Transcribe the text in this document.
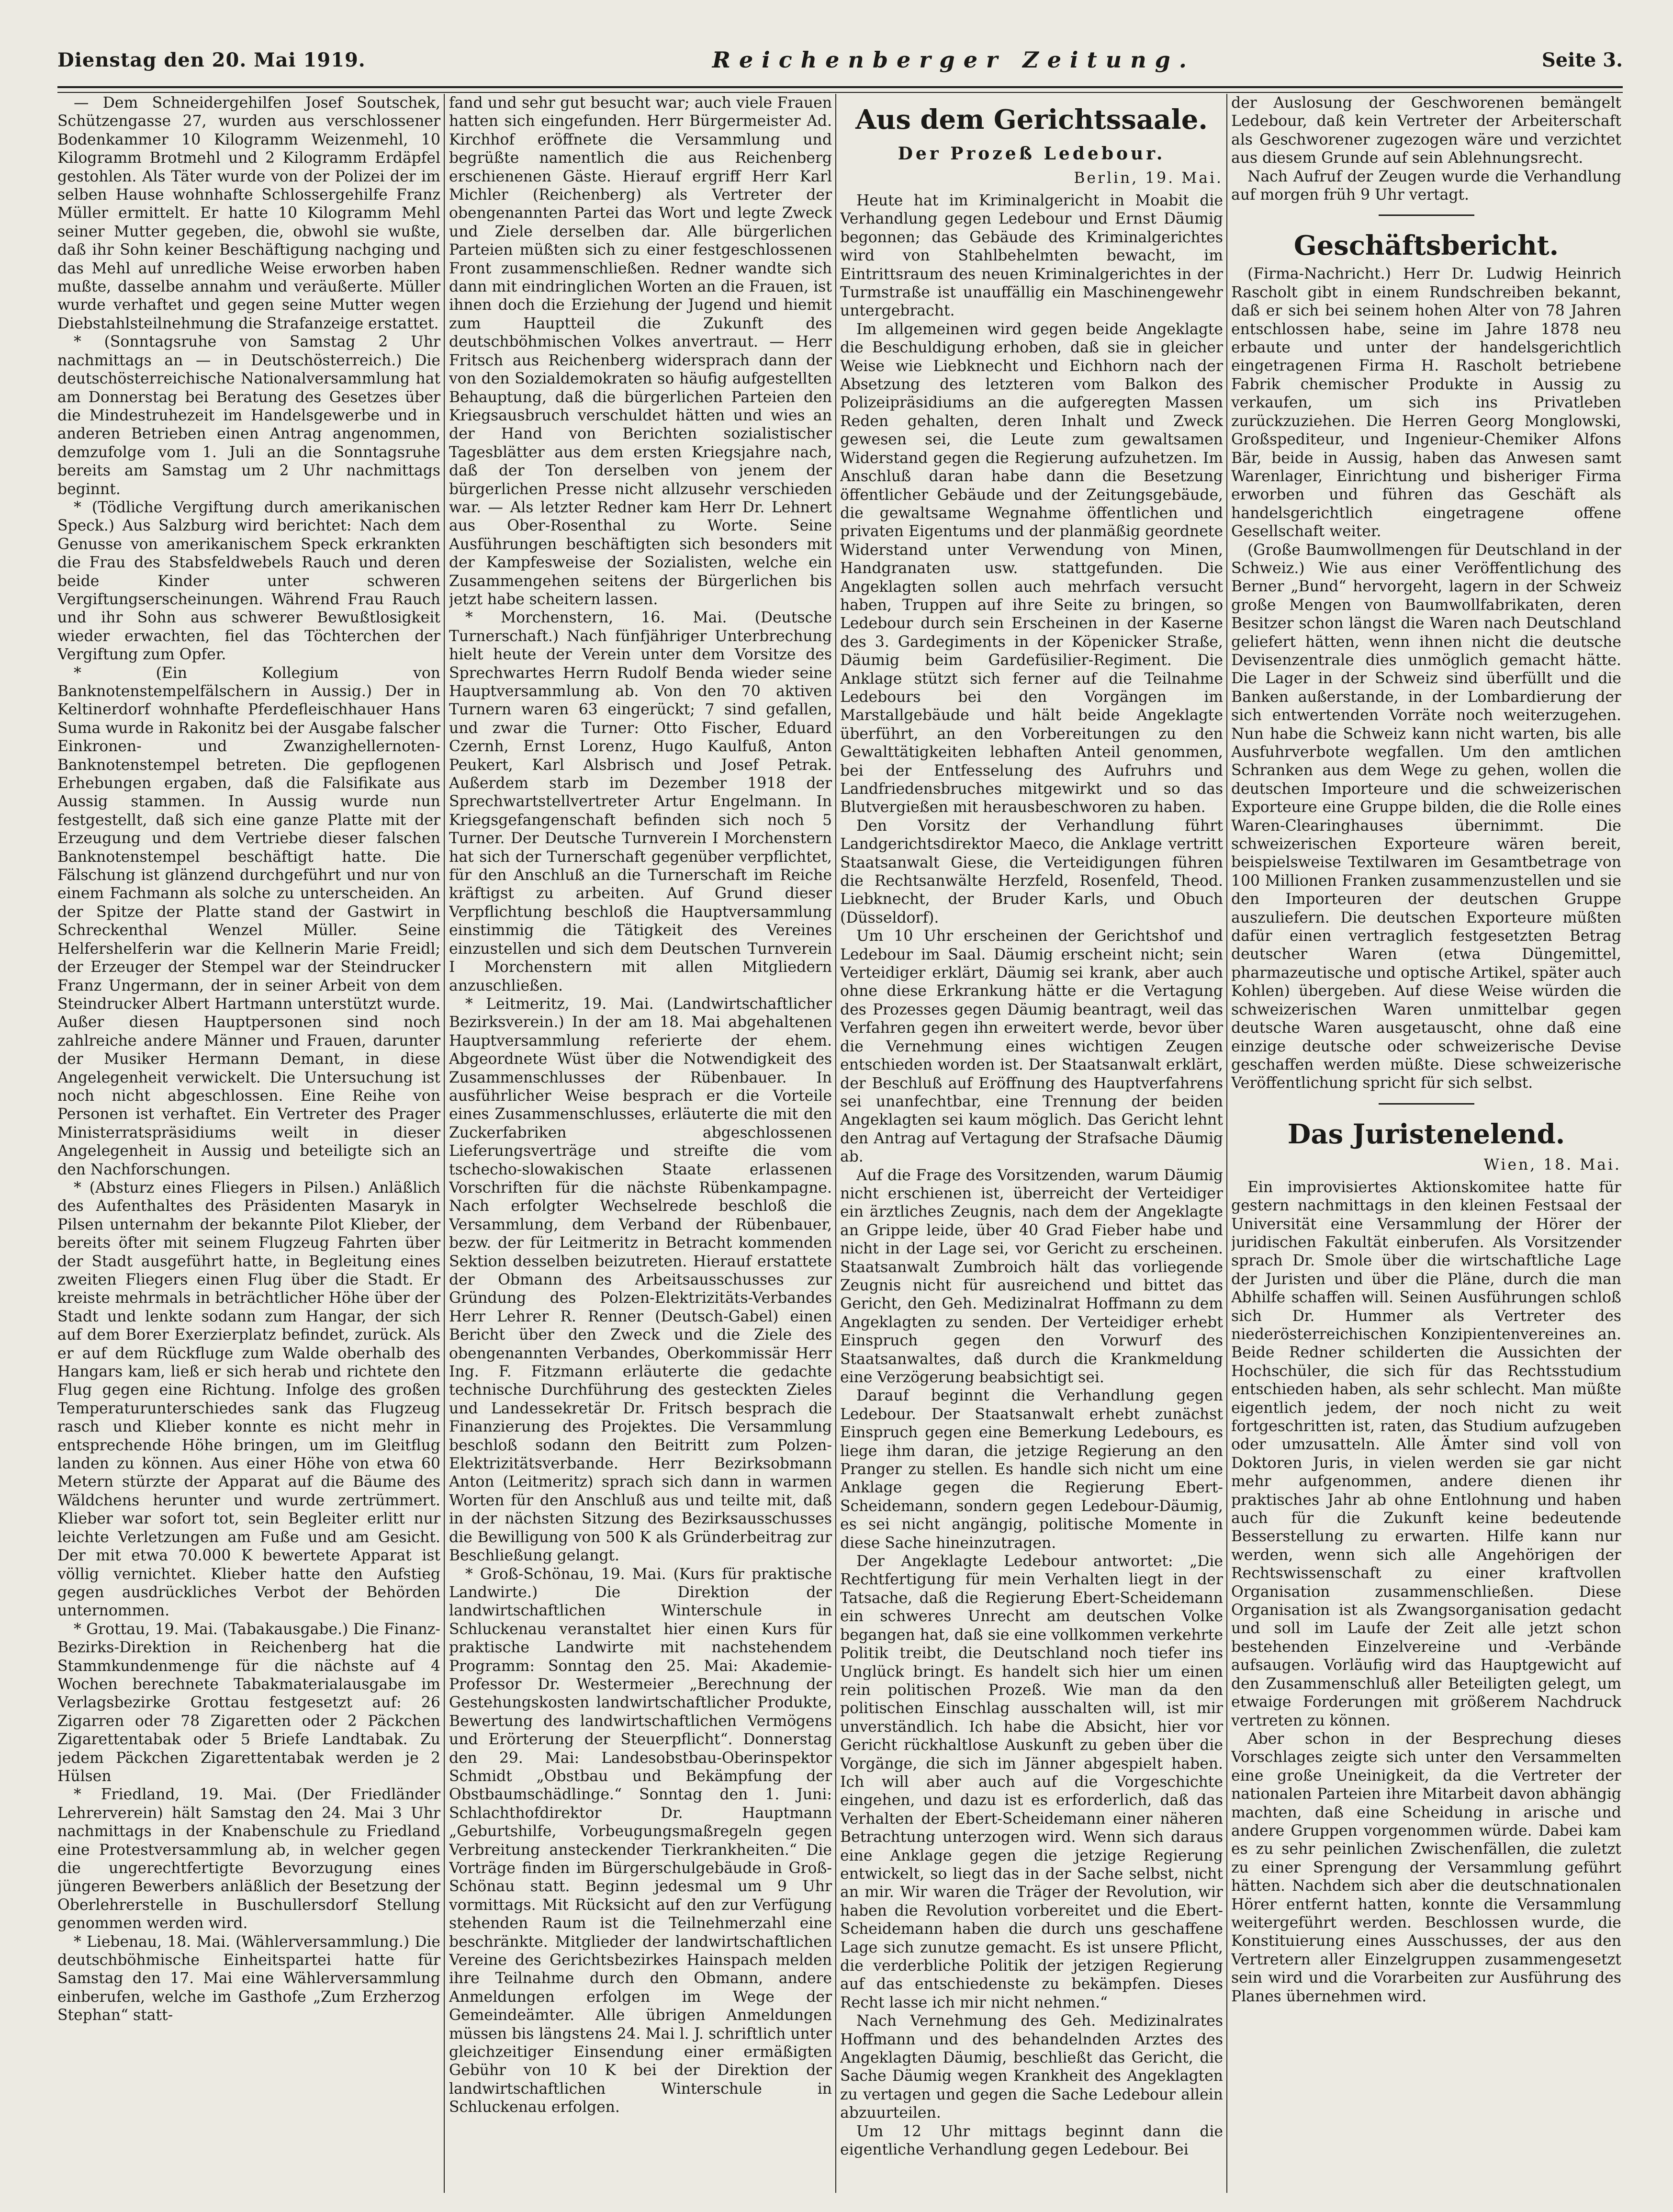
Dienstag den 20. Mai 1919.	Reichenberger Zeitung.	Seite 3.

— Dem Schneidergehilfen Josef Soutschek, Schützengasse 27, wurden aus verschlossener Bodenkammer 10 Kilogramm Weizenmehl, 10 Kilogramm Brotmehl und 2 Kilogramm Erdäpfel gestohlen. Als Täter wurde von der Polizei der im selben Hause wohnhafte Schlossergehilfe Franz Müller ermittelt. Er hatte 10 Kilogramm Mehl seiner Mutter gegeben, die, obwohl sie wußte, daß ihr Sohn keiner Beschäftigung nachging und das Mehl auf unredliche Weise erworben haben mußte, dasselbe annahm und veräußerte. Müller wurde verhaftet und gegen seine Mutter wegen Diebstahlsteilnehmung die Strafanzeige erstattet.

* (Sonntagsruhe von Samstag 2 Uhr nachmittags an — in Deutschösterreich.) Die deutschösterreichische Nationalversammlung hat am Donnerstag bei Beratung des Gesetzes über die Mindestruhezeit im Handelsgewerbe und in anderen Betrieben einen Antrag angenommen, demzufolge vom 1. Juli an die Sonntagsruhe bereits am Samstag um 2 Uhr nachmittags beginnt.

* (Tödliche Vergiftung durch amerikanischen Speck.) Aus Salzburg wird berichtet: Nach dem Genusse von amerikanischem Speck erkrankten die Frau des Stabsfeldwebels Rauch und deren beide Kinder unter schweren Vergiftungserscheinungen. Während Frau Rauch und ihr Sohn aus schwerer Bewußtlosigkeit wieder erwachten, fiel das Töchterchen der Vergiftung zum Opfer.

* (Ein Kollegium von Banknotenstempelfälschern in Aussig.) Der in Keltinerdorf wohnhafte Pferdefleischhauer Hans Suma wurde in Rakonitz bei der Ausgabe falscher Einkronen- und Zwanzighellernoten-Banknotenstempel betreten. Die gepflogenen Erhebungen ergaben, daß die Falsifikate aus Aussig stammen. In Aussig wurde nun festgestellt, daß sich eine ganze Platte mit der Erzeugung und dem Vertriebe dieser falschen Banknotenstempel beschäftigt hatte. Die Fälschung ist glänzend durchgeführt und nur von einem Fachmann als solche zu unterscheiden. An der Spitze der Platte stand der Gastwirt in Schreckenthal Wenzel Müller. Seine Helfershelferin war die Kellnerin Marie Freidl; der Erzeuger der Stempel war der Steindrucker Franz Ungermann, der in seiner Arbeit von dem Steindrucker Albert Hartmann unterstützt wurde. Außer diesen Hauptpersonen sind noch zahlreiche andere Männer und Frauen, darunter der Musiker Hermann Demant, in diese Angelegenheit verwickelt. Die Untersuchung ist noch nicht abgeschlossen. Eine Reihe von Personen ist verhaftet. Ein Vertreter des Prager Ministerratspräsidiums weilt in dieser Angelegenheit in Aussig und beteiligte sich an den Nachforschungen.

* (Absturz eines Fliegers in Pilsen.) Anläßlich des Aufenthaltes des Präsidenten Masaryk in Pilsen unternahm der bekannte Pilot Klieber, der bereits öfter mit seinem Flugzeug Fahrten über der Stadt ausgeführt hatte, in Begleitung eines zweiten Fliegers einen Flug über die Stadt. Er kreiste mehrmals in beträchtlicher Höhe über der Stadt und lenkte sodann zum Hangar, der sich auf dem Borer Exerzierplatz befindet, zurück. Als er auf dem Rückfluge zum Walde oberhalb des Hangars kam, ließ er sich herab und richtete den Flug gegen eine Richtung. Infolge des großen Temperaturunterschiedes sank das Flugzeug rasch und Klieber konnte es nicht mehr in entsprechende Höhe bringen, um im Gleitflug landen zu können. Aus einer Höhe von etwa 60 Metern stürzte der Apparat auf die Bäume des Wäldchens herunter und wurde zertrümmert. Klieber war sofort tot, sein Begleiter erlitt nur leichte Verletzungen am Fuße und am Gesicht. Der mit etwa 70.000 K bewertete Apparat ist völlig vernichtet. Klieber hatte den Aufstieg gegen ausdrückliches Verbot der Behörden unternommen.

* Grottau, 19. Mai. (Tabakausgabe.) Die Finanz-Bezirks-Direktion in Reichenberg hat die Stammkundenmenge für die nächste auf 4 Wochen berechnete Tabakmaterialausgabe im Verlagsbezirke Grottau festgesetzt auf: 26 Zigarren oder 78 Zigaretten oder 2 Päckchen Zigarettentabak oder 5 Briefe Landtabak. Zu jedem Päckchen Zigarettentabak werden je 2 Hülsen

* Friedland, 19. Mai. (Der Friedländer Lehrerverein) hält Samstag den 24. Mai 3 Uhr nachmittags in der Knabenschule zu Friedland eine Protestversammlung ab, in welcher gegen die ungerechtfertigte Bevorzugung eines jüngeren Bewerbers anläßlich der Besetzung der Oberlehrerstelle in Buschullersdorf Stellung genommen werden wird.

* Liebenau, 18. Mai. (Wählerversammlung.) Die deutschböhmische Einheitspartei hatte für Samstag den 17. Mai eine Wählerversammlung einberufen, welche im Gasthofe „Zum Erzherzog Stephan“ statt-

fand und sehr gut besucht war; auch viele Frauen hatten sich eingefunden. Herr Bürgermeister Ad. Kirchhof eröffnete die Versammlung und begrüßte namentlich die aus Reichenberg erschienenen Gäste. Hierauf ergriff Herr Karl Michler (Reichenberg) als Vertreter der obengenannten Partei das Wort und legte Zweck und Ziele derselben dar. Alle bürgerlichen Parteien müßten sich zu einer festgeschlossenen Front zusammenschließen. Redner wandte sich dann mit eindringlichen Worten an die Frauen, ist ihnen doch die Erziehung der Jugend und hiemit zum Hauptteil die Zukunft des deutschböhmischen Volkes anvertraut. — Herr Fritsch aus Reichenberg widersprach dann der von den Sozialdemokraten so häufig aufgestellten Behauptung, daß die bürgerlichen Parteien den Kriegsausbruch verschuldet hätten und wies an der Hand von Berichten sozialistischer Tagesblätter aus dem ersten Kriegsjahre nach, daß der Ton derselben von jenem der bürgerlichen Presse nicht allzusehr verschieden war. — Als letzter Redner kam Herr Dr. Lehnert aus Ober-Rosenthal zu Worte. Seine Ausführungen beschäftigten sich besonders mit der Kampfesweise der Sozialisten, welche ein Zusammengehen seitens der Bürgerlichen bis jetzt habe scheitern lassen.

* Morchenstern, 16. Mai. (Deutsche Turnerschaft.) Nach fünfjähriger Unterbrechung hielt heute der Verein unter dem Vorsitze des Sprechwartes Herrn Rudolf Benda wieder seine Hauptversammlung ab. Von den 70 aktiven Turnern waren 63 eingerückt; 7 sind gefallen, und zwar die Turner: Otto Fischer, Eduard Czernh, Ernst Lorenz, Hugo Kaulfuß, Anton Peukert, Karl Alsbrisch und Josef Petrak. Außerdem starb im Dezember 1918 der Sprechwartstellvertreter Artur Engelmann. In Kriegsgefangenschaft befinden sich noch 5 Turner. Der Deutsche Turnverein I Morchenstern hat sich der Turnerschaft gegenüber verpflichtet, für den Anschluß an die Turnerschaft im Reiche kräftigst zu arbeiten. Auf Grund dieser Verpflichtung beschloß die Hauptversammlung einstimmig die Tätigkeit des Vereines einzustellen und sich dem Deutschen Turnverein I Morchenstern mit allen Mitgliedern anzuschließen.

* Leitmeritz, 19. Mai. (Landwirtschaftlicher Bezirksverein.) In der am 18. Mai abgehaltenen Hauptversammlung referierte der ehem. Abgeordnete Wüst über die Notwendigkeit des Zusammenschlusses der Rübenbauer. In ausführlicher Weise besprach er die Vorteile eines Zusammenschlusses, erläuterte die mit den Zuckerfabriken abgeschlossenen Lieferungsverträge und streifte die vom tschecho-slowakischen Staate erlassenen Vorschriften für die nächste Rübenkampagne. Nach erfolgter Wechselrede beschloß die Versammlung, dem Verband der Rübenbauer, bezw. der für Leitmeritz in Betracht kommenden Sektion desselben beizutreten. Hierauf erstattete der Obmann des Arbeitsausschusses zur Gründung des Polzen-Elektrizitäts-Verbandes Herr Lehrer R. Renner (Deutsch-Gabel) einen Bericht über den Zweck und die Ziele des obengenannten Verbandes, Oberkommissär Herr Ing. F. Fitzmann erläuterte die gedachte technische Durchführung des gesteckten Zieles und Landessekretär Dr. Fritsch besprach die Finanzierung des Projektes. Die Versammlung beschloß sodann den Beitritt zum Polzen-Elektrizitätsverbande. Herr Bezirksobmann Anton (Leitmeritz) sprach sich dann in warmen Worten für den Anschluß aus und teilte mit, daß in der nächsten Sitzung des Bezirksausschusses die Bewilligung von 500 K als Gründerbeitrag zur Beschließung gelangt.

* Groß-Schönau, 19. Mai. (Kurs für praktische Landwirte.) Die Direktion der landwirtschaftlichen Winterschule in Schluckenau veranstaltet hier einen Kurs für praktische Landwirte mit nachstehendem Programm: Sonntag den 25. Mai: Akademie-Professor Dr. Westermeier „Berechnung der Gestehungskosten landwirtschaftlicher Produkte, Bewertung des landwirtschaftlichen Vermögens und Erörterung der Steuerpflicht“. Donnerstag den 29. Mai: Landesobstbau-Oberinspektor Schmidt „Obstbau und Bekämpfung der Obstbaumschädlinge.“ Sonntag den 1. Juni: Schlachthofdirektor Dr. Hauptmann „Geburtshilfe, Vorbeugungsmaßregeln gegen Verbreitung ansteckender Tierkrankheiten.“ Die Vorträge finden im Bürgerschulgebäude in Groß-Schönau statt. Beginn jedesmal um 9 Uhr vormittags. Mit Rücksicht auf den zur Verfügung stehenden Raum ist die Teilnehmerzahl eine beschränkte. Mitglieder der landwirtschaftlichen Vereine des Gerichtsbezirkes Hainspach melden ihre Teilnahme durch den Obmann, andere Anmeldungen erfolgen im Wege der Gemeindeämter. Alle übrigen Anmeldungen müssen bis längstens 24. Mai l. J. schriftlich unter gleichzeitiger Einsendung einer ermäßigten Gebühr von 10 K bei der Direktion der landwirtschaftlichen Winterschule in Schluckenau erfolgen.

Aus dem Gerichtssaale.
Der Prozeß Ledebour.
Berlin, 19. Mai.

Heute hat im Kriminalgericht in Moabit die Verhandlung gegen Ledebour und Ernst Däumig begonnen; das Gebäude des Kriminalgerichtes wird von Stahlbehelmten bewacht, im Eintrittsraum des neuen Kriminalgerichtes in der Turmstraße ist unauffällig ein Maschinengewehr untergebracht.

Im allgemeinen wird gegen beide Angeklagte die Beschuldigung erhoben, daß sie in gleicher Weise wie Liebknecht und Eichhorn nach der Absetzung des letzteren vom Balkon des Polizeipräsidiums an die aufgeregten Massen Reden gehalten, deren Inhalt und Zweck gewesen sei, die Leute zum gewaltsamen Widerstand gegen die Regierung aufzuhetzen. Im Anschluß daran habe dann die Besetzung öffentlicher Gebäude und der Zeitungsgebäude, die gewaltsame Wegnahme öffentlichen und privaten Eigentums und der planmäßig geordnete Widerstand unter Verwendung von Minen, Handgranaten usw. stattgefunden. Die Angeklagten sollen auch mehrfach versucht haben, Truppen auf ihre Seite zu bringen, so Ledebour durch sein Erscheinen in der Kaserne des 3. Gardegiments in der Köpenicker Straße, Däumig beim Gardefüsilier-Regiment. Die Anklage stützt sich ferner auf die Teilnahme Ledebours bei den Vorgängen im Marstallgebäude und hält beide Angeklagte überführt, an den Vorbereitungen zu den Gewalttätigkeiten lebhaften Anteil genommen, bei der Entfesselung des Aufruhrs und Landfriedensbruches mitgewirkt und so das Blutvergießen mit herausbeschworen zu haben.

Den Vorsitz der Verhandlung führt Landgerichtsdirektor Maeco, die Anklage vertritt Staatsanwalt Giese, die Verteidigungen führen die Rechtsanwälte Herzfeld, Rosenfeld, Theod. Liebknecht, der Bruder Karls, und Obuch (Düsseldorf).

Um 10 Uhr erscheinen der Gerichtshof und Ledebour im Saal. Däumig erscheint nicht; sein Verteidiger erklärt, Däumig sei krank, aber auch ohne diese Erkrankung hätte er die Vertagung des Prozesses gegen Däumig beantragt, weil das Verfahren gegen ihn erweitert werde, bevor über die Vernehmung eines wichtigen Zeugen entschieden worden ist. Der Staatsanwalt erklärt, der Beschluß auf Eröffnung des Hauptverfahrens sei unanfechtbar, eine Trennung der beiden Angeklagten sei kaum möglich. Das Gericht lehnt den Antrag auf Vertagung der Strafsache Däumig ab.

Auf die Frage des Vorsitzenden, warum Däumig nicht erschienen ist, überreicht der Verteidiger ein ärztliches Zeugnis, nach dem der Angeklagte an Grippe leide, über 40 Grad Fieber habe und nicht in der Lage sei, vor Gericht zu erscheinen. Staatsanwalt Zumbroich hält das vorliegende Zeugnis nicht für ausreichend und bittet das Gericht, den Geh. Medizinalrat Hoffmann zu dem Angeklagten zu senden. Der Verteidiger erhebt Einspruch gegen den Vorwurf des Staatsanwaltes, daß durch die Krankmeldung eine Verzögerung beabsichtigt sei.

Darauf beginnt die Verhandlung gegen Ledebour. Der Staatsanwalt erhebt zunächst Einspruch gegen eine Bemerkung Ledebours, es liege ihm daran, die jetzige Regierung an den Pranger zu stellen. Es handle sich nicht um eine Anklage gegen die Regierung Ebert-Scheidemann, sondern gegen Ledebour-Däumig, es sei nicht angängig, politische Momente in diese Sache hineinzutragen.

Der Angeklagte Ledebour antwortet: „Die Rechtfertigung für mein Verhalten liegt in der Tatsache, daß die Regierung Ebert-Scheidemann ein schweres Unrecht am deutschen Volke begangen hat, daß sie eine vollkommen verkehrte Politik treibt, die Deutschland noch tiefer ins Unglück bringt. Es handelt sich hier um einen rein politischen Prozeß. Wie man da den politischen Einschlag ausschalten will, ist mir unverständlich. Ich habe die Absicht, hier vor Gericht rückhaltlose Auskunft zu geben über die Vorgänge, die sich im Jänner abgespielt haben. Ich will aber auch auf die Vorgeschichte eingehen, und dazu ist es erforderlich, daß das Verhalten der Ebert-Scheidemann einer näheren Betrachtung unterzogen wird. Wenn sich daraus eine Anklage gegen die jetzige Regierung entwickelt, so liegt das in der Sache selbst, nicht an mir. Wir waren die Träger der Revolution, wir haben die Revolution vorbereitet und die Ebert-Scheidemann haben die durch uns geschaffene Lage sich zunutze gemacht. Es ist unsere Pflicht, die verderbliche Politik der jetzigen Regierung auf das entschiedenste zu bekämpfen. Dieses Recht lasse ich mir nicht nehmen.“

Nach Vernehmung des Geh. Medizinalrates Hoffmann und des behandelnden Arztes des Angeklagten Däumig, beschließt das Gericht, die Sache Däumig wegen Krankheit des Angeklagten zu vertagen und gegen die Sache Ledebour allein abzuurteilen.

Um 12 Uhr mittags beginnt dann die eigentliche Verhandlung gegen Ledebour. Bei

der Auslosung der Geschworenen bemängelt Ledebour, daß kein Vertreter der Arbeiterschaft als Geschworener zugezogen wäre und verzichtet aus diesem Grunde auf sein Ablehnungsrecht.

Nach Aufruf der Zeugen wurde die Verhandlung auf morgen früh 9 Uhr vertagt.

Geschäftsbericht.

(Firma-Nachricht.) Herr Dr. Ludwig Heinrich Rascholt gibt in einem Rundschreiben bekannt, daß er sich bei seinem hohen Alter von 78 Jahren entschlossen habe, seine im Jahre 1878 neu erbaute und unter der handelsgerichtlich eingetragenen Firma H. Rascholt betriebene Fabrik chemischer Produkte in Aussig zu verkaufen, um sich ins Privatleben zurückzuziehen. Die Herren Georg Monglowski, Großspediteur, und Ingenieur-Chemiker Alfons Bär, beide in Aussig, haben das Anwesen samt Warenlager, Einrichtung und bisheriger Firma erworben und führen das Geschäft als handelsgerichtlich eingetragene offene Gesellschaft weiter.

(Große Baumwollmengen für Deutschland in der Schweiz.) Wie aus einer Veröffentlichung des Berner „Bund“ hervorgeht, lagern in der Schweiz große Mengen von Baumwollfabrikaten, deren Besitzer schon längst die Waren nach Deutschland geliefert hätten, wenn ihnen nicht die deutsche Devisenzentrale dies unmöglich gemacht hätte. Die Lager in der Schweiz sind überfüllt und die Banken außerstande, in der Lombardierung der sich entwertenden Vorräte noch weiterzugehen. Nun habe die Schweiz kann nicht warten, bis alle Ausfuhrverbote wegfallen. Um den amtlichen Schranken aus dem Wege zu gehen, wollen die deutschen Importeure und die schweizerischen Exporteure eine Gruppe bilden, die die Rolle eines Waren-Clearinghauses übernimmt. Die schweizerischen Exporteure wären bereit, beispielsweise Textilwaren im Gesamtbetrage von 100 Millionen Franken zusammenzustellen und sie den Importeuren der deutschen Gruppe auszuliefern. Die deutschen Exporteure müßten dafür einen vertraglich festgesetzten Betrag deutscher Waren (etwa Düngemittel, pharmazeutische und optische Artikel, später auch Kohlen) übergeben. Auf diese Weise würden die schweizerischen Waren unmittelbar gegen deutsche Waren ausgetauscht, ohne daß eine einzige deutsche oder schweizerische Devise geschaffen werden müßte. Diese schweizerische Veröffentlichung spricht für sich selbst.

Das Juristenelend.
Wien, 18. Mai.

Ein improvisiertes Aktionskomitee hatte für gestern nachmittags in den kleinen Festsaal der Universität eine Versammlung der Hörer der juridischen Fakultät einberufen. Als Vorsitzender sprach Dr. Smole über die wirtschaftliche Lage der Juristen und über die Pläne, durch die man Abhilfe schaffen will. Seinen Ausführungen schloß sich Dr. Hummer als Vertreter des niederösterreichischen Konzipientenvereines an. Beide Redner schilderten die Aussichten der Hochschüler, die sich für das Rechtsstudium entschieden haben, als sehr schlecht. Man müßte eigentlich jedem, der noch nicht zu weit fortgeschritten ist, raten, das Studium aufzugeben oder umzusatteln. Alle Ämter sind voll von Doktoren Juris, in vielen werden sie gar nicht mehr aufgenommen, andere dienen ihr praktisches Jahr ab ohne Entlohnung und haben auch für die Zukunft keine bedeutende Besserstellung zu erwarten. Hilfe kann nur werden, wenn sich alle Angehörigen der Rechtswissenschaft zu einer kraftvollen Organisation zusammenschließen. Diese Organisation ist als Zwangsorganisation gedacht und soll im Laufe der Zeit alle jetzt schon bestehenden Einzelvereine und -Verbände aufsaugen. Vorläufig wird das Hauptgewicht auf den Zusammenschluß aller Beteiligten gelegt, um etwaige Forderungen mit größerem Nachdruck vertreten zu können.

Aber schon in der Besprechung dieses Vorschlages zeigte sich unter den Versammelten eine große Uneinigkeit, da die Vertreter der nationalen Parteien ihre Mitarbeit davon abhängig machten, daß eine Scheidung in arische und andere Gruppen vorgenommen würde. Dabei kam es zu sehr peinlichen Zwischenfällen, die zuletzt zu einer Sprengung der Versammlung geführt hätten. Nachdem sich aber die deutschnationalen Hörer entfernt hatten, konnte die Versammlung weitergeführt werden. Beschlossen wurde, die Konstituierung eines Ausschusses, der aus den Vertretern aller Einzelgruppen zusammengesetzt sein wird und die Vorarbeiten zur Ausführung des Planes übernehmen wird.
